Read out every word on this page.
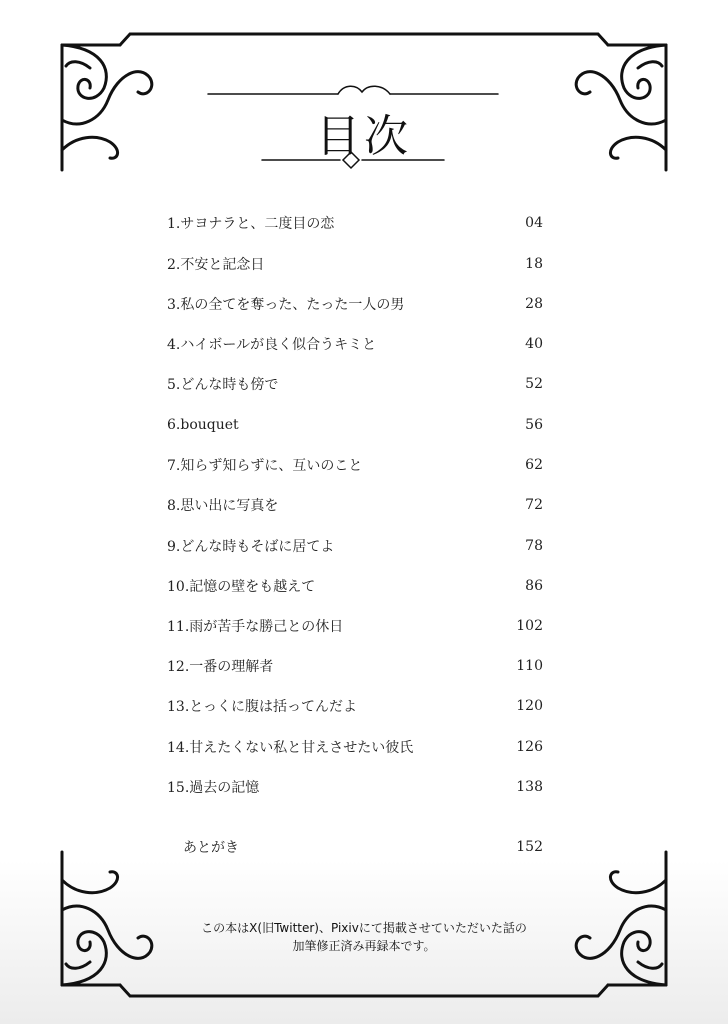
目次
1.サヨナラと、二度目の恋	04
2.不安と記念日	18
3.私の全てを奪った、たった一人の男	28
4.ハイボールが良く似合うキミと	40
5.どんな時も傍で	52
6.bouquet	56
7.知らず知らずに、互いのこと	62
8.思い出に写真を	72
9.どんな時もそばに居てよ	78
10.記憶の壁をも越えて	86
11.雨が苦手な勝己との休日	102
12.一番の理解者	110
13.とっくに腹は括ってんだよ	120
14.甘えたくない私と甘えさせたい彼氏	126
15.過去の記憶	138
あとがき	152
この本はX(旧Twitter)、Pixivにて掲載させていただいた話の
加筆修正済み再録本です。
